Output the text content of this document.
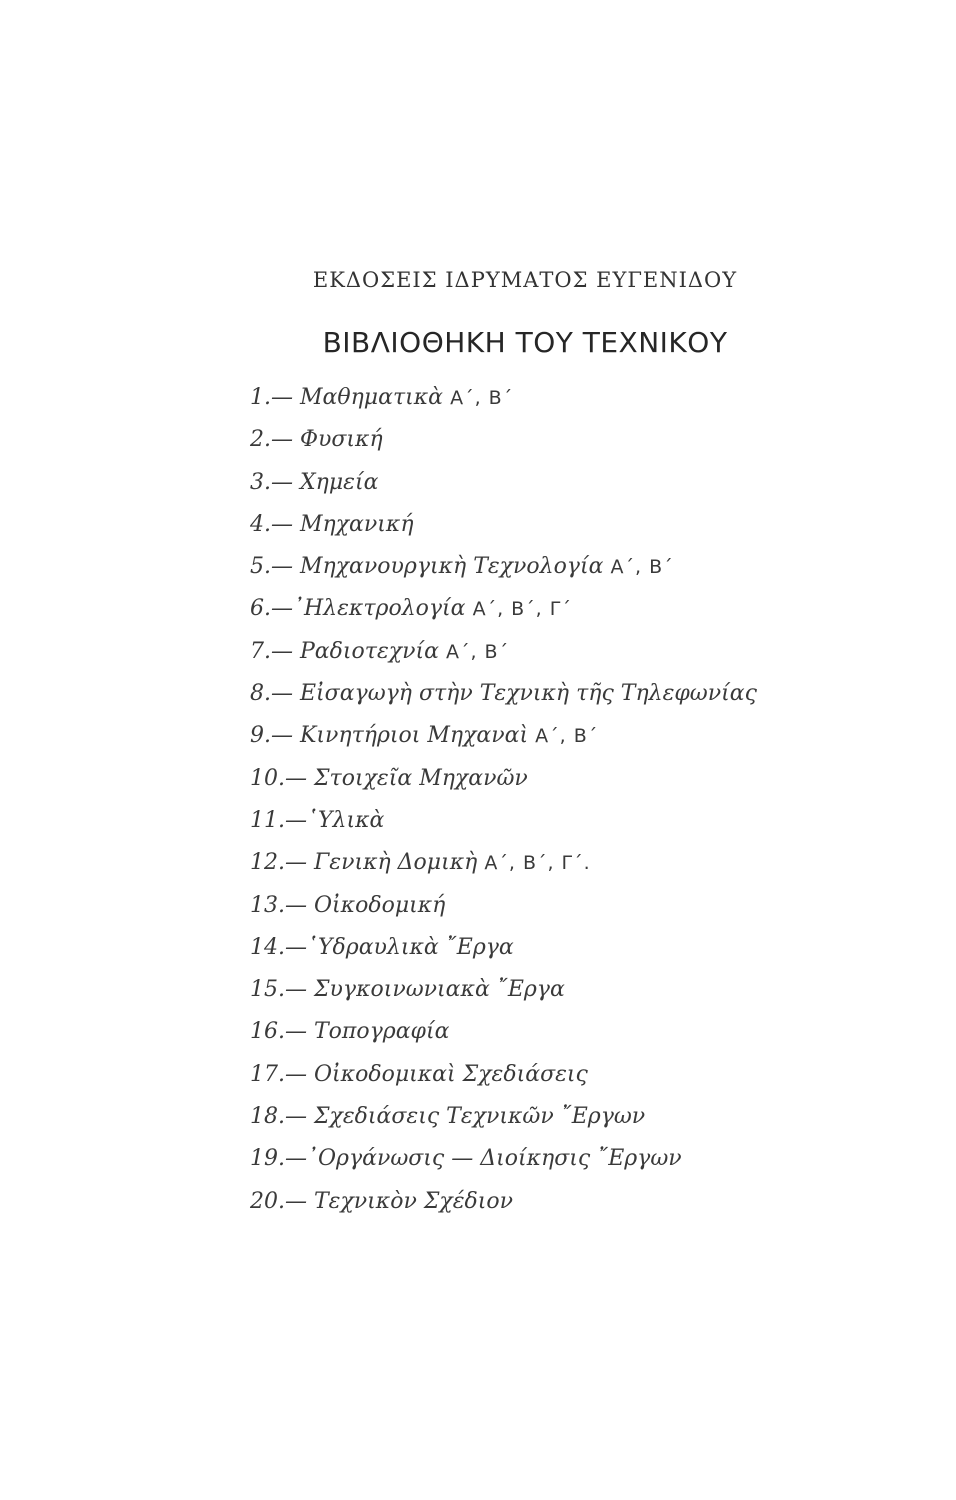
ΕΚΔΟΣΕΙΣ ΙΔΡΥΜΑΤΟΣ ΕΥΓΕΝΙΔΟΥ
ΒΙΒΛΙΟΘΗΚΗ ΤΟΥ ΤΕΧΝΙΚΟΥ
1.— Μαθηματικὰ Α΄, Β΄
2.— Φυσική
3.— Χημεία
4.— Μηχανική
5.— Μηχανουργικὴ Τεχνολογία Α΄, Β΄
6.—᾿Ηλεκτρολογία Α΄, Β΄, Γ΄
7.— Ραδιοτεχνία Α΄, Β΄
8.— Εἰσαγωγὴ στὴν Τεχνικὴ τῆς Τηλεφωνίας
9.— Κινητήριοι Μηχαναὶ Α΄, Β΄
10.— Στοιχεῖα Μηχανῶν
11.—῾Υλικὰ
12.— Γενικὴ Δομικὴ Α΄, Β΄, Γ΄.
13.— Οἰκοδομική
14.—῾Υδραυλικὰ ῎Εργα
15.— Συγκοινωνιακὰ ῎Εργα
16.— Τοπογραφία
17.— Οἰκοδομικαὶ Σχεδιάσεις
18.— Σχεδιάσεις Τεχνικῶν ῎Εργων
19.—᾿Οργάνωσις — Διοίκησις ῎Εργων
20.— Τεχνικὸν Σχέδιον
